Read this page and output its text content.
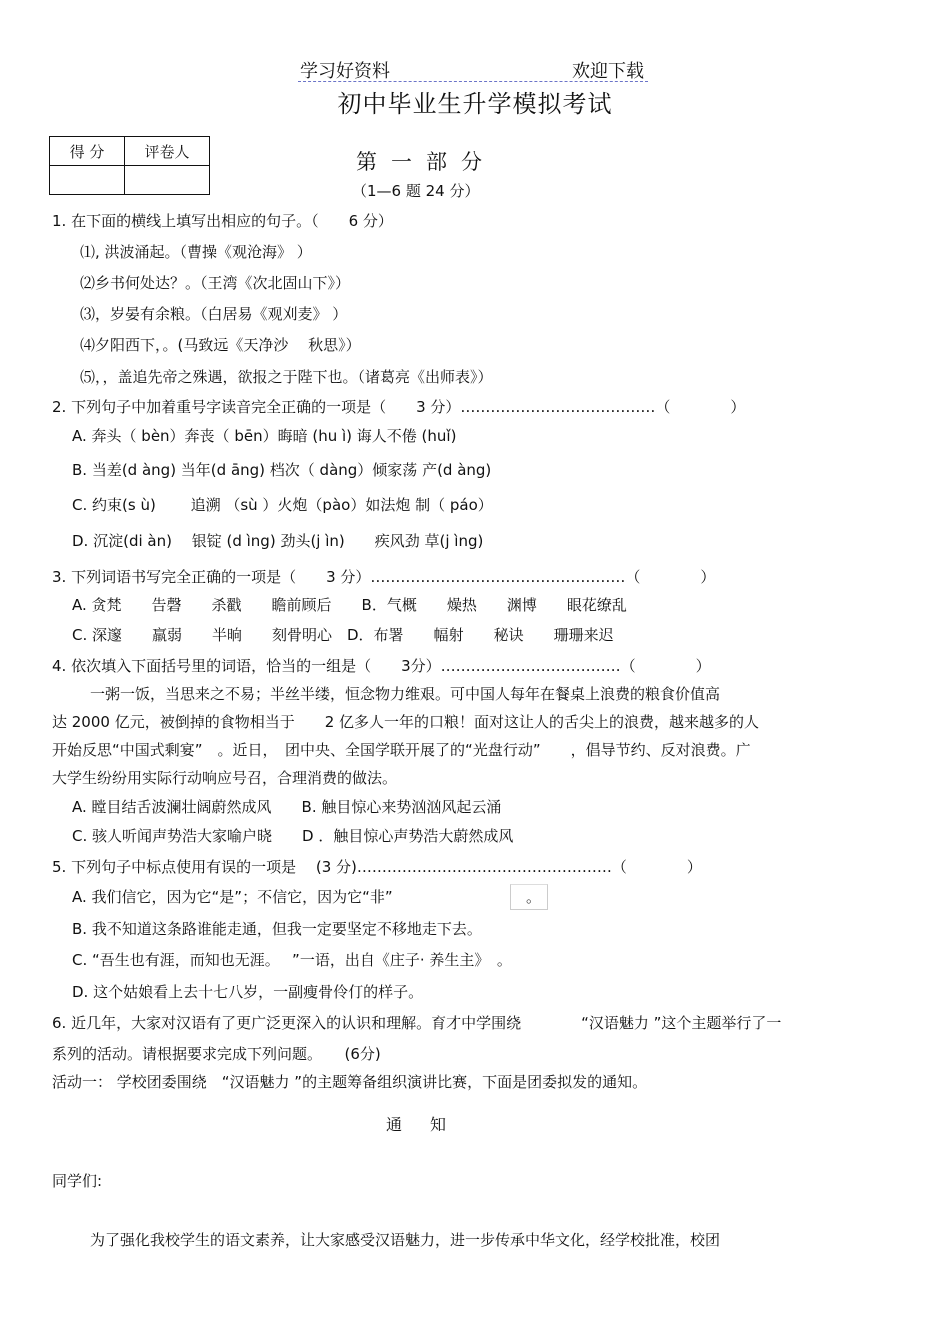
学习好资料	欢迎下载
初中毕业生升学模拟考试
得 分	评卷人
		第一部分
（1—6 题 24 分）
1. 在下面的横线上填写出相应的句子。（　　6 分）
⑴, 洪波涌起。（曹操《观沧海》 ）
⑵乡书何处达？。（王湾《次北固山下》）
⑶，岁晏有余粮。（白居易《观刈麦》 ）
⑷夕阳西下，。(马致远《天净沙　 秋思》）
⑸，，盖追先帝之殊遇，欲报之于陛下也。（诸葛亮《出师表》）
2. 下列句子中加着重号字读音完全正确的一项是（　　3 分）…………………………………（　　　　）
A. 奔头（ bèn）奔丧（ bēn）晦暗 (hu ì) 诲人不倦 (huǐ)
B. 当差(d àng) 当年(d āng) 档次（ dàng）倾家荡 产(d àng)
C. 约束(s ù)　　 追溯 （sù ）火炮（pào）如法炮 制（ páo）
D. 沉淀(di àn)　 银锭 (d ìng) 劲头(j ìn)　　疾风劲 草(j ìng)
3. 下列词语书写完全正确的一项是（　　3 分）……………………………………………（　　　　）
A. 贪梵　　告磬　　杀戳　　瞻前顾后　　B．气概　　燥热　　渊博　　眼花缭乱
C. 深邃　　羸弱　　半晌　　刻骨明心　D．布署　　幅射　　秘诀　　珊珊来迟
4. 依次填入下面括号里的词语，恰当的一组是（　　3分）………………………………（　　　　）
一粥一饭，当思来之不易；半丝半缕，恒念物力维艰。可中国人每年在餐桌上浪费的粮食价值高
达 2000 亿元，被倒掉的食物相当于　　2 亿多人一年的口粮！面对这让人的舌尖上的浪费，越来越多的人
开始反思“中国式剩宴”　。近日，　团中央、全国学联开展了的“光盘行动”　　，倡导节约、反对浪费。广
大学生纷纷用实际行动响应号召，合理消费的做法。
A. 瞠目结舌波澜壮阔蔚然成风　　B. 触目惊心来势汹汹风起云涌
C. 骇人听闻声势浩大家喻户晓　　D ．触目惊心声势浩大蔚然成风
5. 下列句子中标点使用有误的一项是　 (3 分)……………………………………………（　　　　）
A. 我们信它，因为它“是”；不信它，因为它“非”	。
B. 我不知道这条路谁能走通，但我一定要坚定不移地走下去。
C. “吾生也有涯，而知也无涯。　 ”一语，出自《庄子· 养生主》　。
D. 这个姑娘看上去十七八岁，一副瘦骨伶仃的样子。
6. 近几年，大家对汉语有了更广泛更深入的认识和理解。育才中学围绕　　　　“汉语魅力 ”这个主题举行了一
系列的活动。请根据要求完成下列问题。　　(6分)
活动一： 学校团委围绕　“汉语魅力 ”的主题筹备组织演讲比赛，下面是团委拟发的通知。
通知
同学们:
为了强化我校学生的语文素养，让大家感受汉语魅力，进一步传承中华文化，经学校批准，校团
